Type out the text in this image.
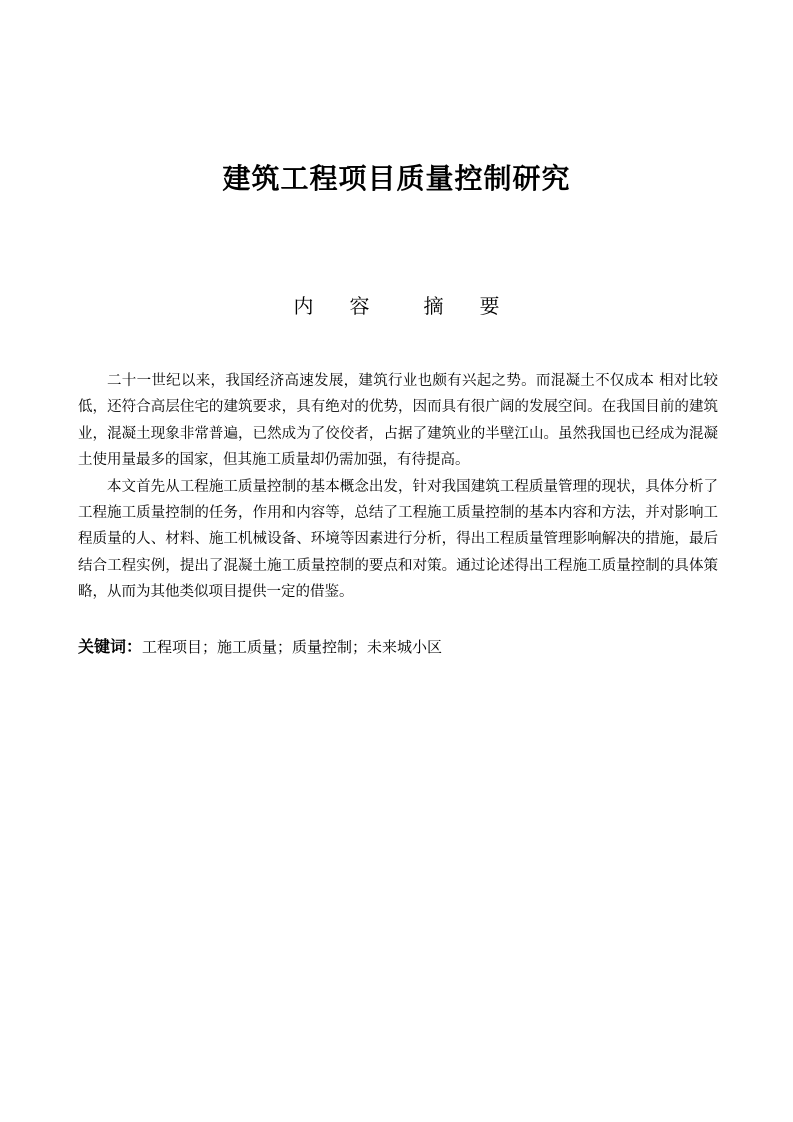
建筑工程项目质量控制研究
内 容	摘 要

二十一世纪以来，我国经济高速发展，建筑行业也颇有兴起之势。而混凝土不仅成本 相对比较低，还符合高层住宅的建筑要求，具有绝对的优势，因而具有很广阔的发展空间。在我国目前的建筑业，混凝土现象非常普遍，已然成为了佼佼者，占据了建筑业的半壁江山。虽然我国也已经成为混凝土使用量最多的国家，但其施工质量却仍需加强，有待提高。

本文首先从工程施工质量控制的基本概念出发，针对我国建筑工程质量管理的现状，具体分析了工程施工质量控制的任务，作用和内容等，总结了工程施工质量控制的基本内容和方法，并对影响工程质量的人、材料、施工机械设备、环境等因素进行分析，得出工程质量管理影响解决的措施，最后结合工程实例，提出了混凝土施工质量控制的要点和对策。通过论述得出工程施工质量控制的具体策略，从而为其他类似项目提供一定的借鉴。

关键词：工程项目；施工质量；质量控制；未来城小区
